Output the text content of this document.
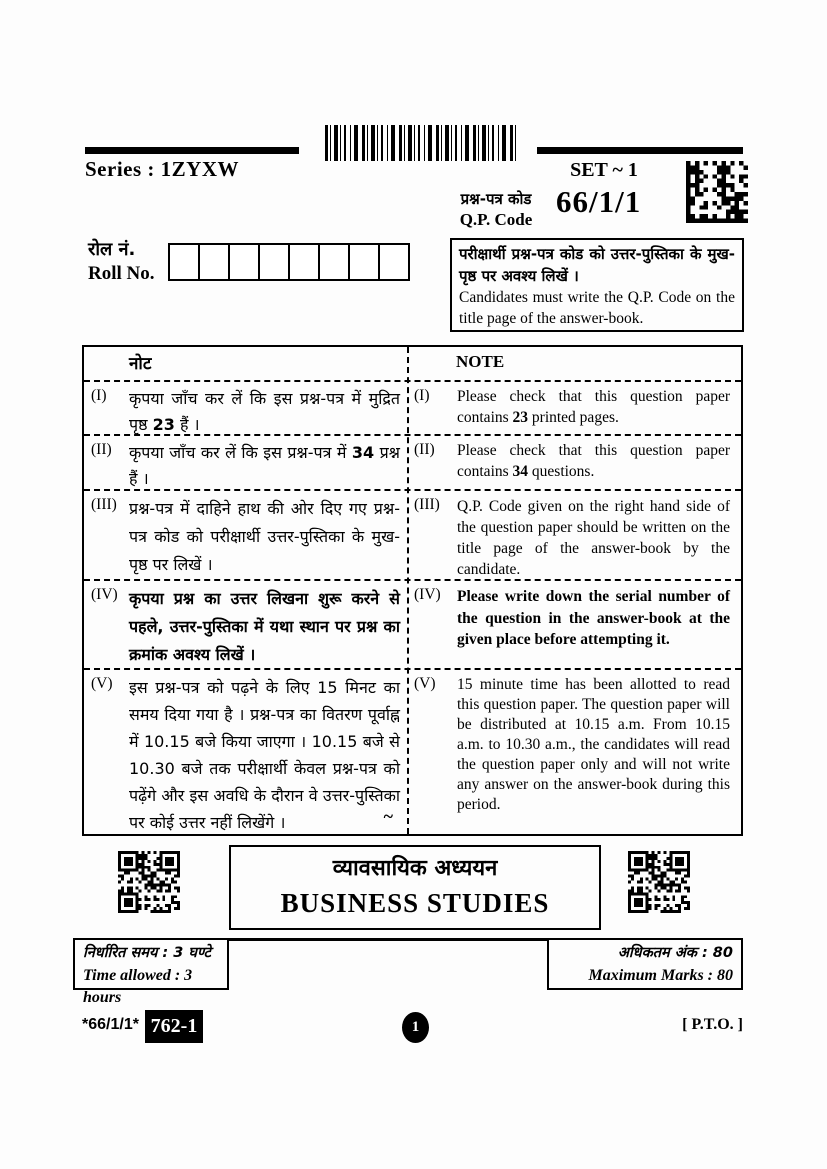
Series : 1ZYXW	SET ~ 1
प्रश्न-पत्र कोड
Q.P. Code
66/1/1
रोल नं.
Roll No.
परीक्षार्थी प्रश्न-पत्र कोड को उत्तर-पुस्तिका के मुख-पृष्ठ पर अवश्य लिखें ।
Candidates must write the Q.P. Code on the title page of the answer-book.
नोट	NOTE
(I)	कृपया जाँच कर लें कि इस प्रश्न-पत्र में मुद्रित पृष्ठ 23 हैं ।
(I)	Please check that this question paper contains 23 printed pages.
(II)	कृपया जाँच कर लें कि इस प्रश्न-पत्र में 34 प्रश्न हैं ।
(II)	Please check that this question paper contains 34 questions.
(III) प्रश्न-पत्र में दाहिने हाथ की ओर दिए गए प्रश्न-पत्र कोड को परीक्षार्थी उत्तर-पुस्तिका के मुख-पृष्ठ पर लिखें ।
(III)	Q.P. Code given on the right hand side of the question paper should be written on the title page of the answer-book by the candidate.
(IV) कृपया प्रश्न का उत्तर लिखना शुरू करने से पहले, उत्तर-पुस्तिका में यथा स्थान पर प्रश्न का क्रमांक अवश्य लिखें ।
(IV)	Please write down the serial number of the question in the answer-book at the given place before attempting it.
(V)	इस प्रश्न-पत्र को पढ़ने के लिए 15 मिनट का समय दिया गया है । प्रश्न-पत्र का वितरण पूर्वाह्न में 10.15 बजे किया जाएगा । 10.15 बजे से 10.30 बजे तक परीक्षार्थी केवल प्रश्न-पत्र को पढ़ेंगे और इस अवधि के दौरान वे उत्तर-पुस्तिका पर कोई उत्तर नहीं लिखेंगे ।	~
(V)	15 minute time has been allotted to read this question paper. The question paper will be distributed at 10.15 a.m. From 10.15 a.m. to 10.30 a.m., the candidates will read the question paper only and will not write any answer on the answer-book during this period.
व्यावसायिक अध्ययन
BUSINESS STUDIES
निर्धारित समय : 3 घण्टे
Time allowed : 3 hours
अधिकतम अंक : 80
Maximum Marks : 80
*66/1/1* 762-1	1	[ P.T.O. ]
